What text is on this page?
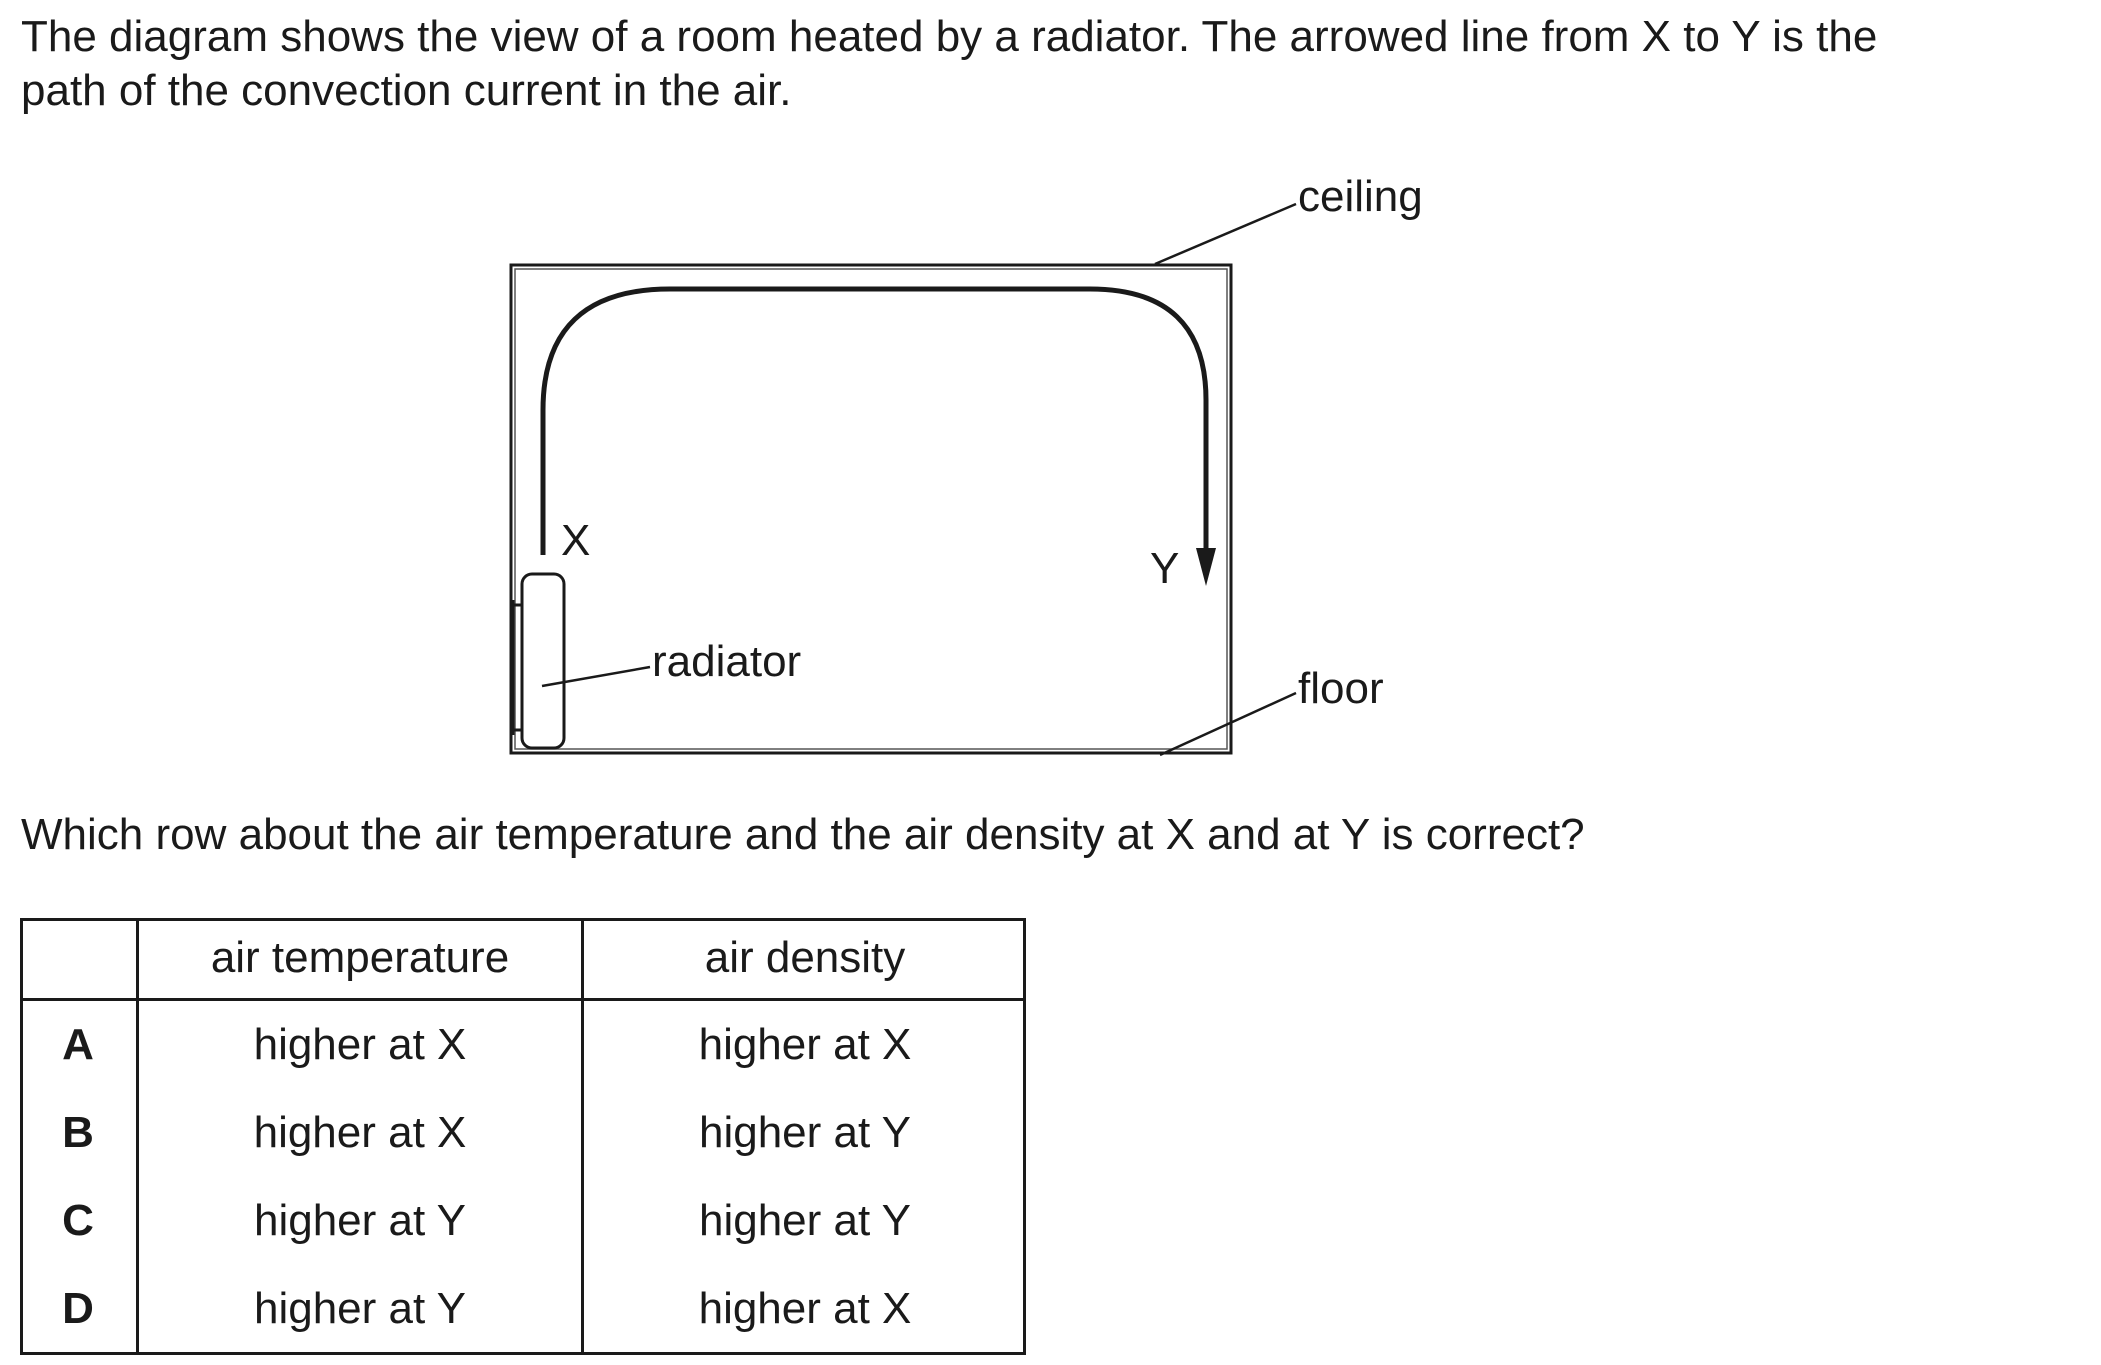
The diagram shows the view of a room heated by a radiator. The arrowed line from X to Y is the

path of the convection current in the air.

ceiling
floor
radiator
X
Y
Which row about the air temperature and the air density at X and at Y is correct?
	air temperature	air density
A	higher at X	higher at X
B	higher at X	higher at Y
C	higher at Y	higher at Y
D	higher at Y	higher at X
